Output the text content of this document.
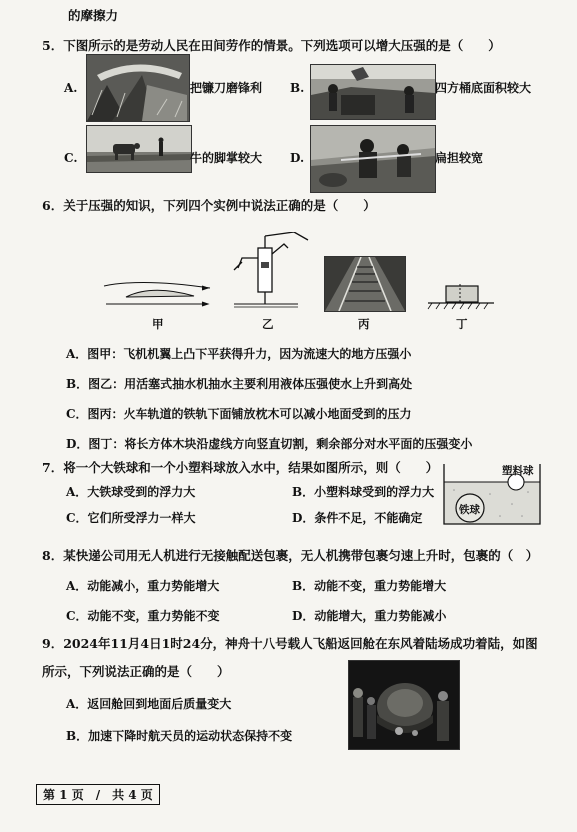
的摩擦力
5．下图所示的是劳动人民在田间劳作的情景。下列选项可以增大压强的是（　　）
A.	把镰刀磨锋利 B.	四方桶底面积较大
C.	牛的脚掌较大 D.	扁担较宽
6．关于压强的知识，下列四个实例中说法正确的是（　　）
甲	乙	丙	丁
A．图甲：飞机机翼上凸下平获得升力，因为流速大的地方压强小
B．图乙：用活塞式抽水机抽水主要利用液体压强使水上升到高处
C．图丙：火车轨道的铁轨下面铺放枕木可以减小地面受到的压力
D．图丁：将长方体木块沿虚线方向竖直切割，剩余部分对水平面的压强变小
7．将一个大铁球和一个小塑料球放入水中，结果如图所示，则（　　）
A．大铁球受到的浮力大	B．小塑料球受到的浮力大
C．它们所受浮力一样大	D．条件不足，不能确定
塑料球
铁球
8．某快递公司用无人机进行无接触配送包裹，无人机携带包裹匀速上升时，包裹的（　）
A．动能减小，重力势能增大	B．动能不变，重力势能增大
C．动能不变，重力势能不变	D．动能增大，重力势能减小
9．2024年11月4日1时24分，神舟十八号载人飞船返回舱在东风着陆场成功着陆，如图
所示，下列说法正确的是（　　）
A．返回舱回到地面后质量变大
B．加速下降时航天员的运动状态保持不变
第 1 页　/　共 4 页
